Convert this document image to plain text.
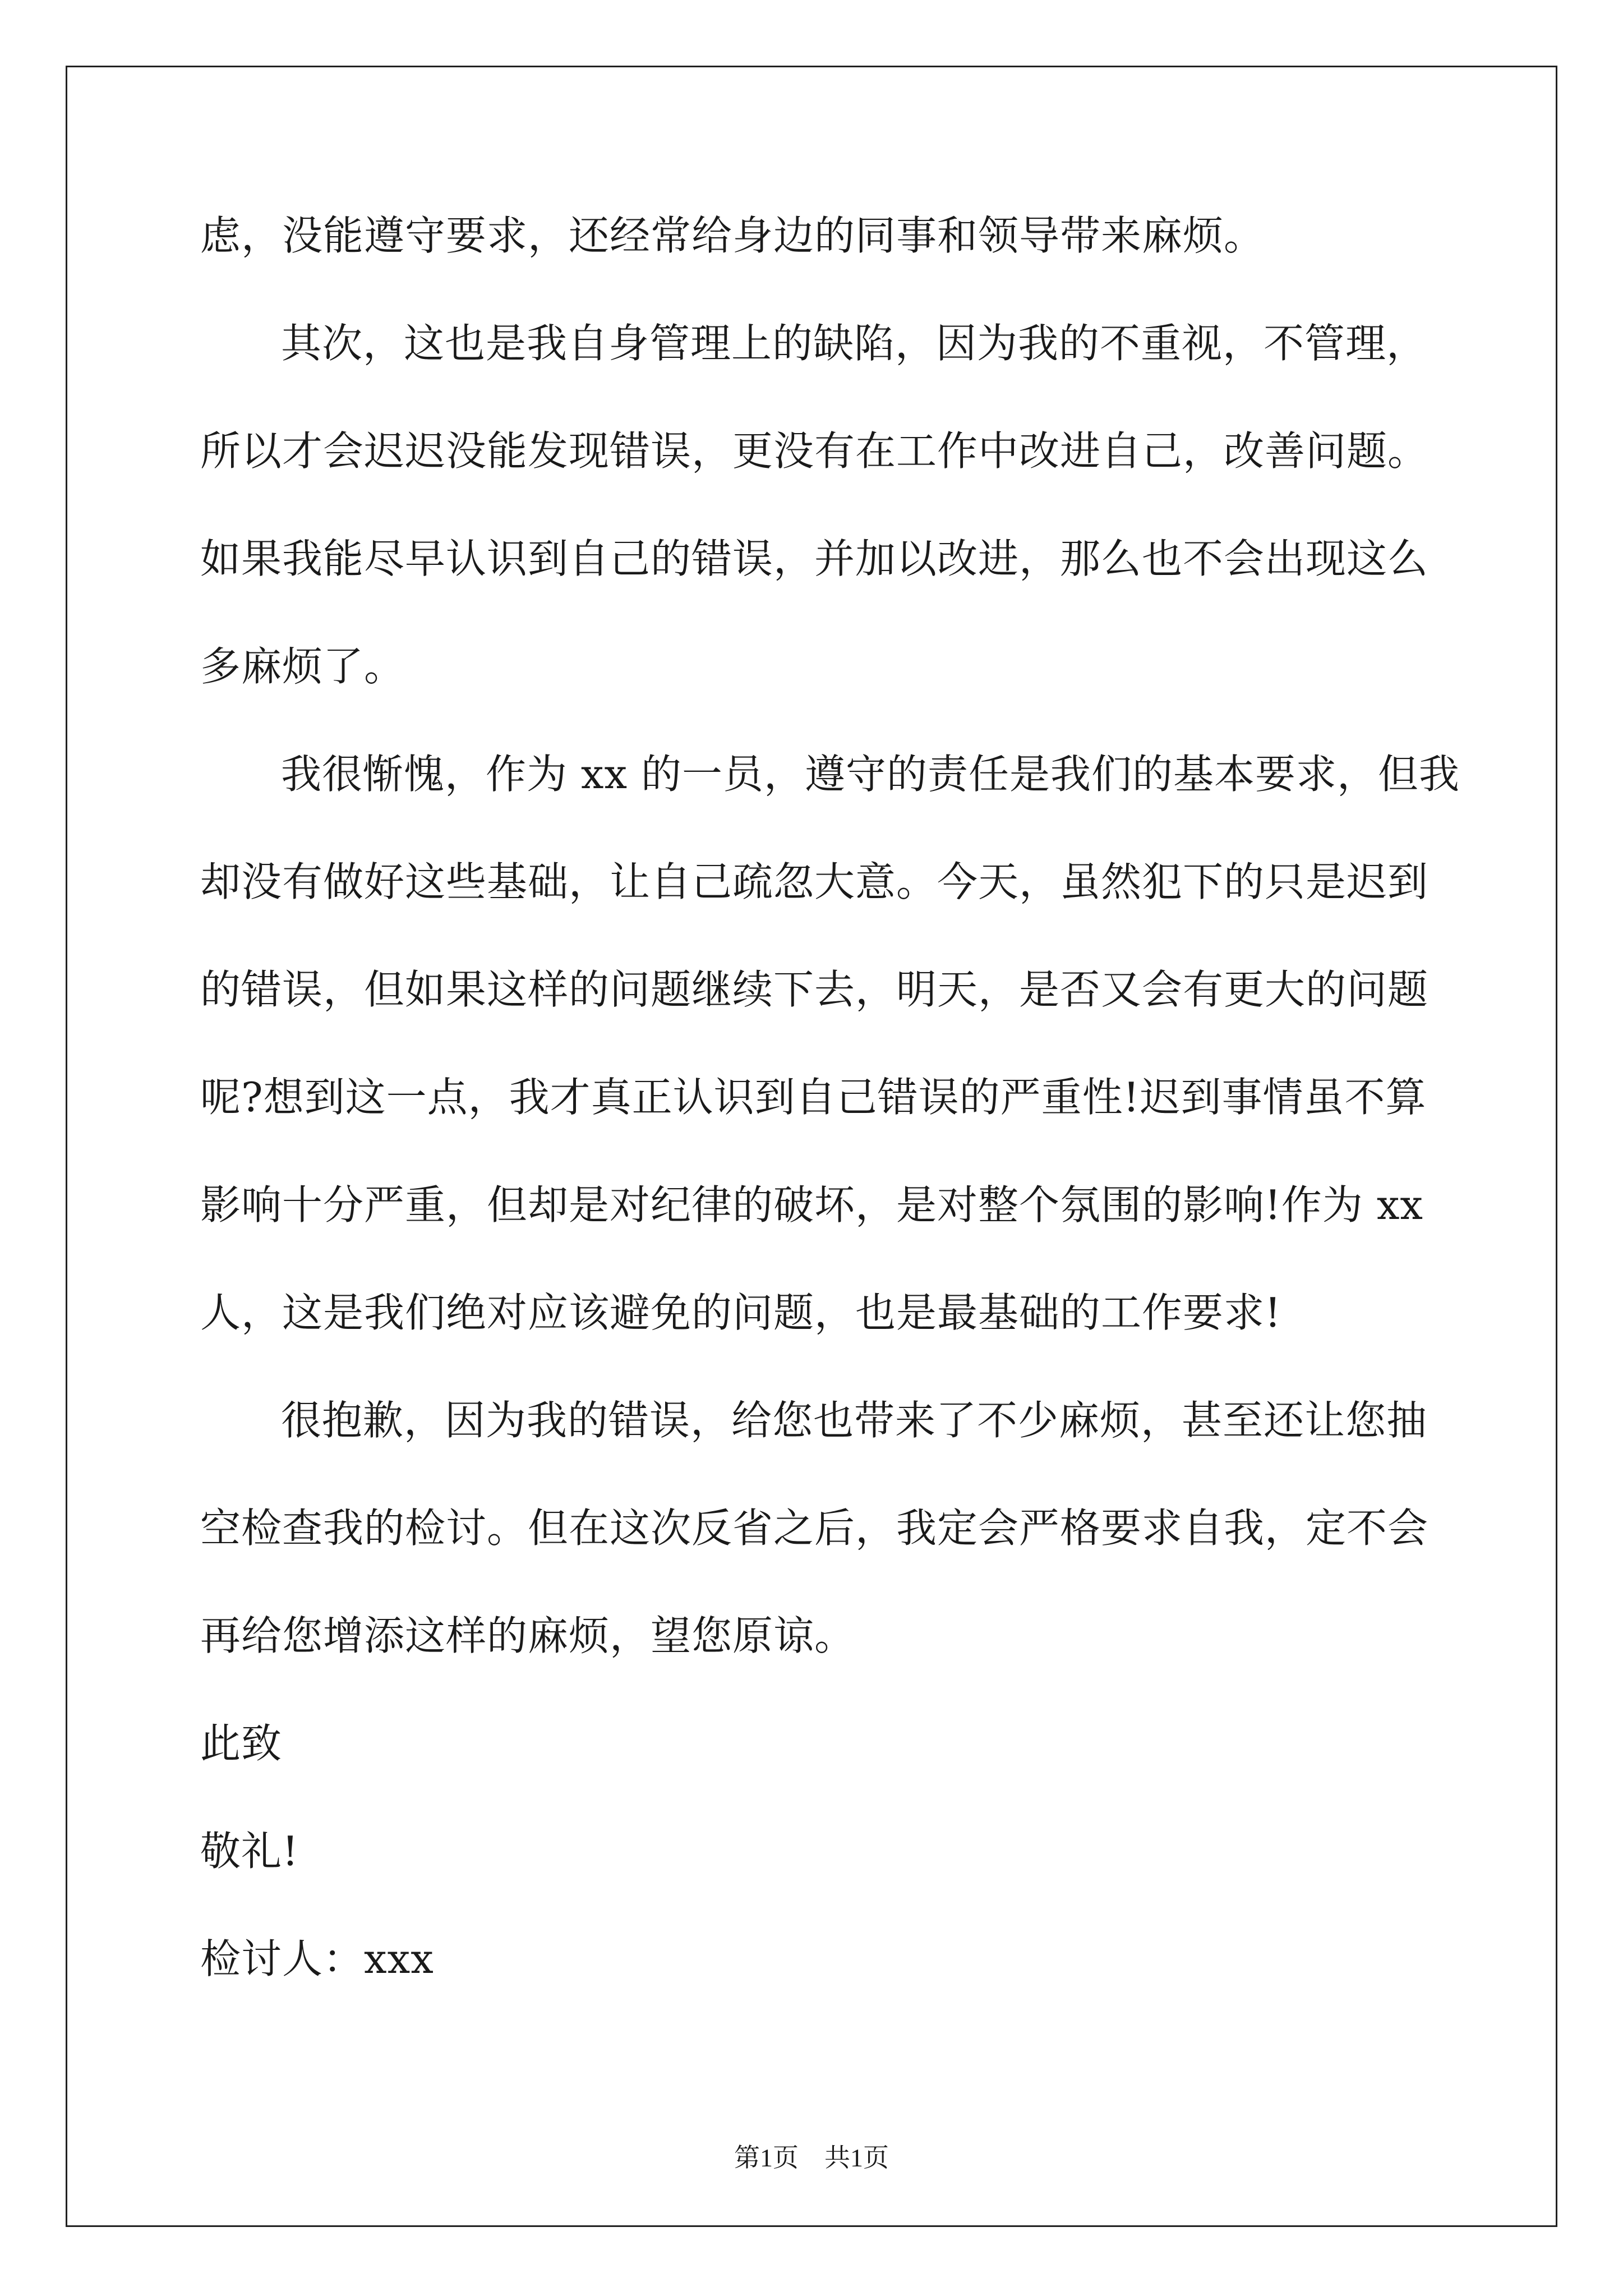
虑，没能遵守要求，还经常给身边的同事和领导带来麻烦。
其次，这也是我自身管理上的缺陷，因为我的不重视，不管理，
所以才会迟迟没能发现错误，更没有在工作中改进自己，改善问题。
如果我能尽早认识到自己的错误，并加以改进，那么也不会出现这么
多麻烦了。
我很惭愧，作为 xx 的一员，遵守的责任是我们的基本要求，但我
却没有做好这些基础，让自己疏忽大意。今天，虽然犯下的只是迟到
的错误，但如果这样的问题继续下去，明天，是否又会有更大的问题
呢?想到这一点，我才真正认识到自己错误的严重性!迟到事情虽不算
影响十分严重，但却是对纪律的破坏，是对整个氛围的影响!作为 xx
人，这是我们绝对应该避免的问题，也是最基础的工作要求!
很抱歉，因为我的错误，给您也带来了不少麻烦，甚至还让您抽
空检查我的检讨。但在这次反省之后，我定会严格要求自我，定不会
再给您增添这样的麻烦，望您原谅。
此致
敬礼!
检讨人：xxx
第1页　共1页
